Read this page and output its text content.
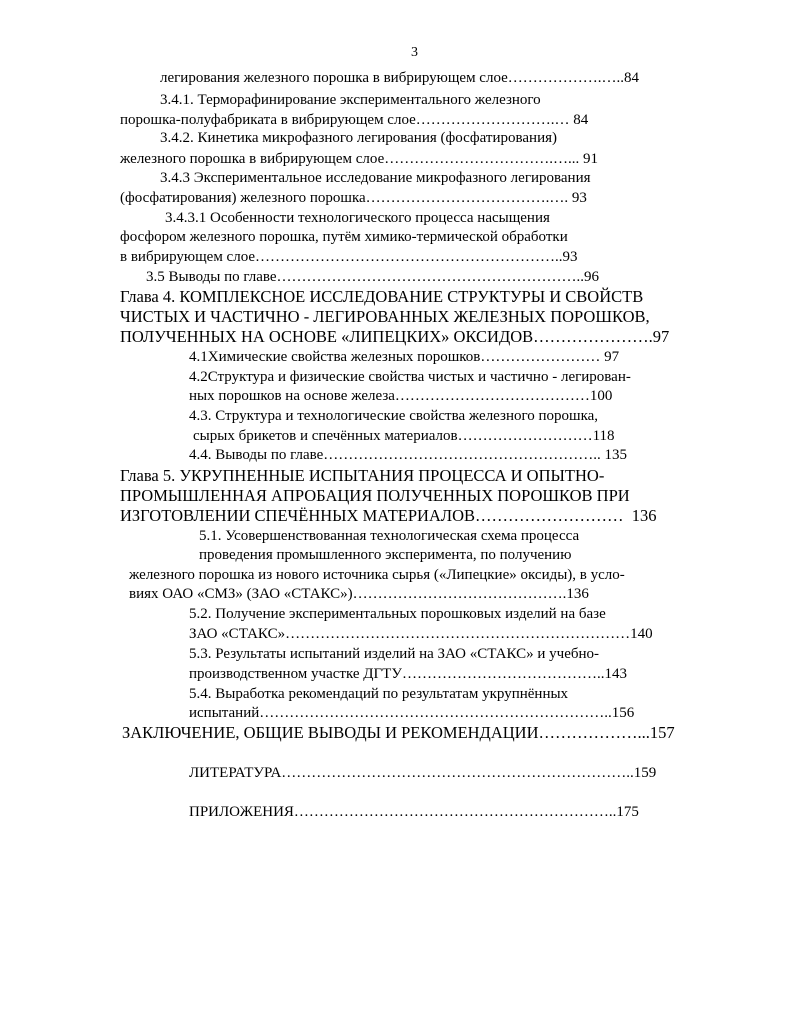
3
легирования железного порошка в вибрирующем слое……………….…..84
3.4.1. Терморафинирование экспериментального железного
порошка-полуфабриката в вибрирующем слое……………………….… 84
3.4.2. Кинетика микрофазного легирования (фосфатирования)
железного порошка в вибрирующем слое…………………………….…... 91
3.4.3 Экспериментальное исследование микрофазного легирования
(фосфатирования) железного порошка……………………………….…. 93
3.4.3.1 Особенности технологического процесса насыщения
фосфором железного порошка, путём химико-термической обработки
в вибрирующем слое……………………………………………………..93
3.5 Выводы по главе……………………………………………………..96
Глава 4. КОМПЛЕКСНОЕ ИССЛЕДОВАНИЕ СТРУКТУРЫ И СВОЙСТВ
ЧИСТЫХ И ЧАСТИЧНО - ЛЕГИРОВАННЫХ ЖЕЛЕЗНЫХ ПОРОШКОВ,
ПОЛУЧЕННЫХ НА ОСНОВЕ «ЛИПЕЦКИХ» ОКСИДОВ………………….97
4.1Химические свойства железных порошков…………………… 97
4.2Структура и физические свойства чистых и частично - легирован-
ных порошков на основе железа…………………………………100
4.3. Структура и технологические свойства железного порошка,
сырых брикетов и спечённых материалов………………………118
4.4. Выводы по главе……………………………………………….. 135
Глава 5. УКРУПНЕННЫЕ ИСПЫТАНИЯ ПРОЦЕССА И ОПЫТНО-
ПРОМЫШЛЕННАЯ АПРОБАЦИЯ ПОЛУЧЕННЫХ ПОРОШКОВ ПРИ
ИЗГОТОВЛЕНИИ СПЕЧЁННЫХ МАТЕРИАЛОВ………………………  136
5.1. Усовершенствованная технологическая схема процесса
проведения промышленного эксперимента, по получению
железного порошка из нового источника сырья («Липецкие» оксиды), в усло-
виях ОАО «СМЗ» (ЗАО «СТАКС»)…………………………………….136
5.2. Получение экспериментальных порошковых изделий на базе
ЗАО «СТАКС»……………………………………………………………140
5.3. Результаты испытаний изделий на ЗАО «СТАКС» и учебно-
производственном участке ДГТУ…………………………………..143
5.4. Выработка рекомендаций по результатам укрупнённых
испытаний……………………………………………………………..156
ЗАКЛЮЧЕНИЕ, ОБЩИЕ ВЫВОДЫ И РЕКОМЕНДАЦИИ………………...157
ЛИТЕРАТУРА……………………………………………………………..159
ПРИЛОЖЕНИЯ………………………………………………………..175
